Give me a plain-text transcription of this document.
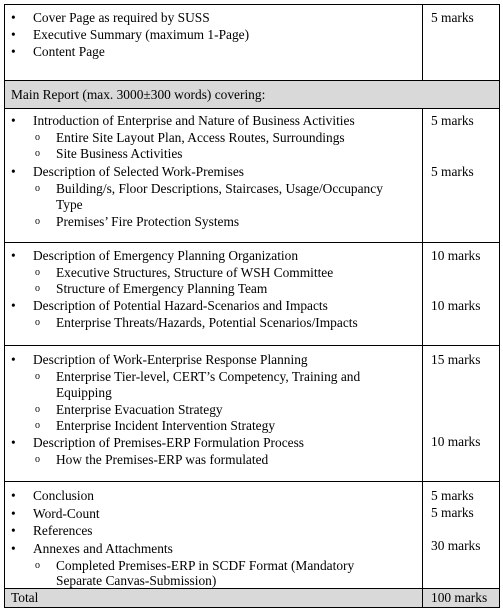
• Cover Page as required by SUSS
• Executive Summary (maximum 1-Page)
• Content Page
5 marks
Main Report (max. 3000±300 words) covering:
• Introduction of Enterprise and Nature of Business Activities
o Entire Site Layout Plan, Access Routes, Surroundings
o Site Business Activities
• Description of Selected Work-Premises
o Building/s, Floor Descriptions, Staircases, Usage/Occupancy
Type
o Premises’ Fire Protection Systems
5 marks
5 marks
• Description of Emergency Planning Organization
o Executive Structures, Structure of WSH Committee
o Structure of Emergency Planning Team
• Description of Potential Hazard-Scenarios and Impacts
o Enterprise Threats/Hazards, Potential Scenarios/Impacts
10 marks
10 marks
• Description of Work-Enterprise Response Planning
o Enterprise Tier-level, CERT’s Competency, Training and
Equipping
o Enterprise Evacuation Strategy
o Enterprise Incident Intervention Strategy
• Description of Premises-ERP Formulation Process
o How the Premises-ERP was formulated
15 marks
10 marks
• Conclusion
• Word-Count
• References
• Annexes and Attachments
o Completed Premises-ERP in SCDF Format (Mandatory
Separate Canvas-Submission)
5 marks
5 marks
30 marks
Total	100 marks
